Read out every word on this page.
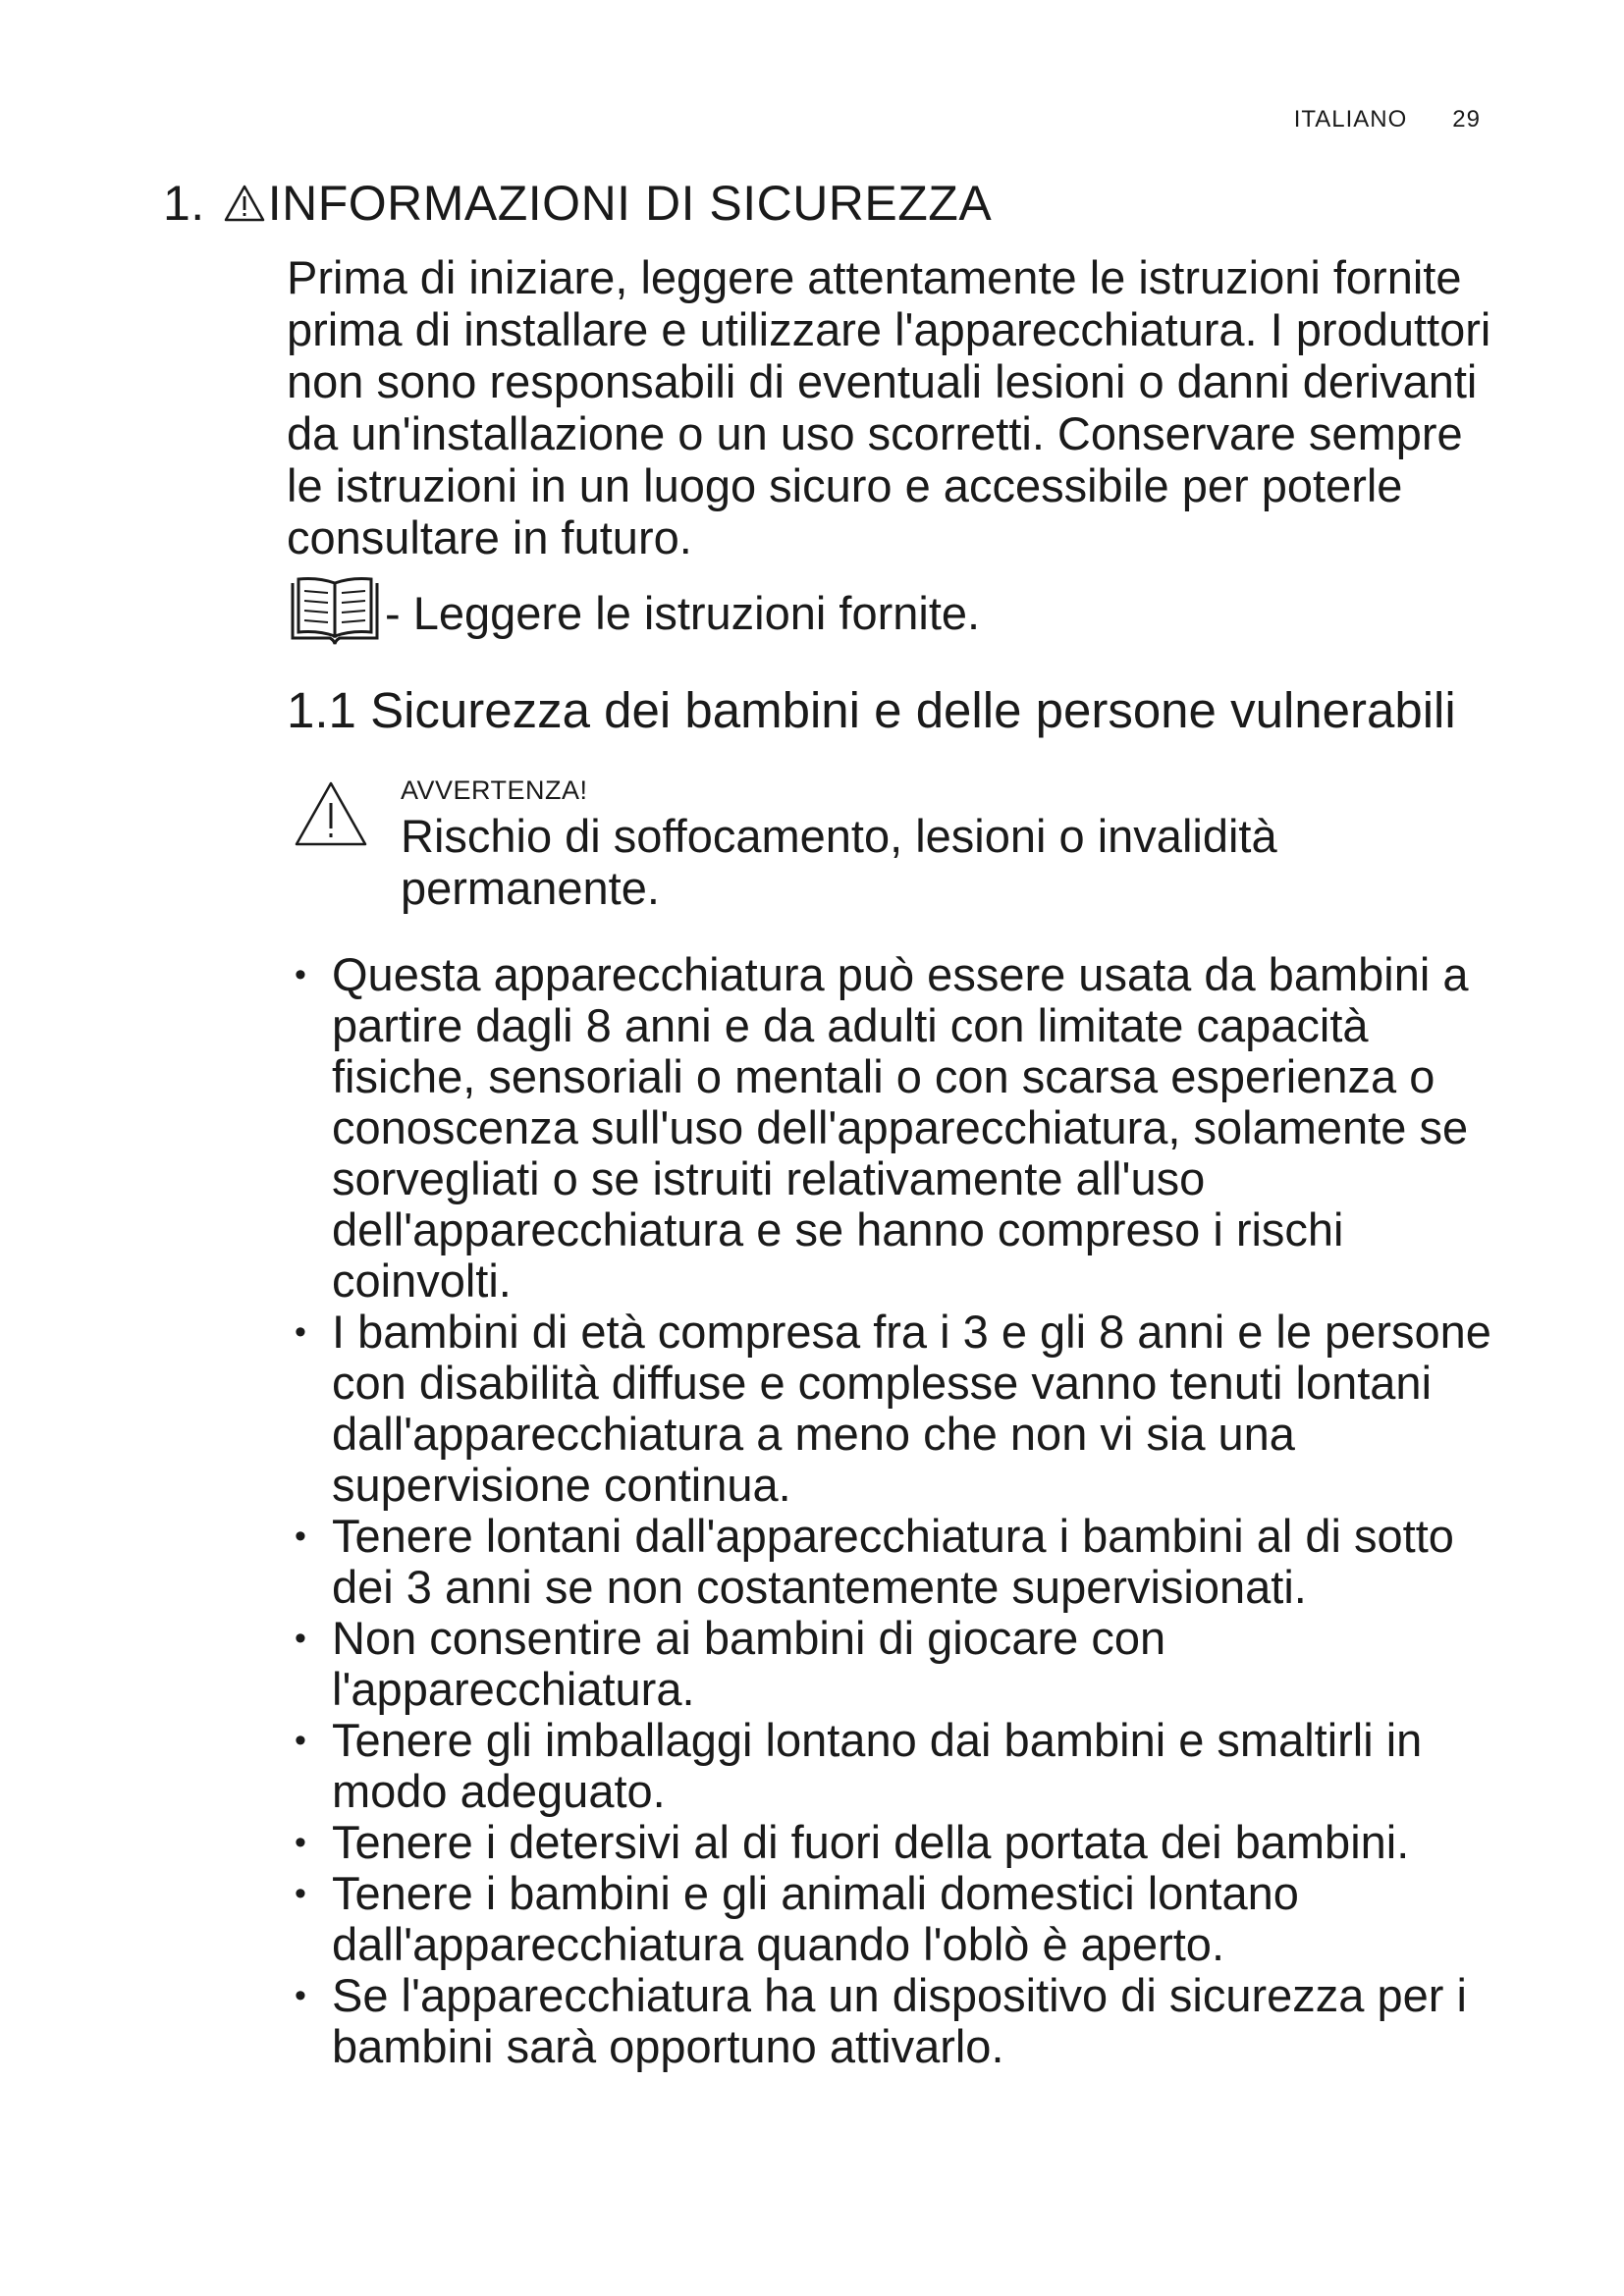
ITALIANO 29
1. INFORMAZIONI DI SICUREZZA

Prima di iniziare, leggere attentamente le istruzioni fornite prima di installare e utilizzare l'apparecchiatura. I produttori non sono responsabili di eventuali lesioni o danni derivanti da un'installazione o un uso scorretti. Conservare sempre le istruzioni in un luogo sicuro e accessibile per poterle consultare in futuro.

- Leggere le istruzioni fornite.
1.1 Sicurezza dei bambini e delle persone vulnerabili
AVVERTENZA!
Rischio di soffocamento, lesioni o invalidità permanente.
• Questa apparecchiatura può essere usata da bambini a partire dagli 8 anni e da adulti con limitate capacità fisiche, sensoriali o mentali o con scarsa esperienza o conoscenza sull'uso dell'apparecchiatura, solamente se sorvegliati o se istruiti relativamente all'uso dell'apparecchiatura e se hanno compreso i rischi coinvolti.
• I bambini di età compresa fra i 3 e gli 8 anni e le persone con disabilità diffuse e complesse vanno tenuti lontani dall'apparecchiatura a meno che non vi sia una supervisione continua.
• Tenere lontani dall'apparecchiatura i bambini al di sotto dei 3 anni se non costantemente supervisionati.
• Non consentire ai bambini di giocare con l'apparecchiatura.
• Tenere gli imballaggi lontano dai bambini e smaltirli in modo adeguato.
• Tenere i detersivi al di fuori della portata dei bambini.
• Tenere i bambini e gli animali domestici lontano dall'apparecchiatura quando l'oblò è aperto.
• Se l'apparecchiatura ha un dispositivo di sicurezza per i bambini sarà opportuno attivarlo.
